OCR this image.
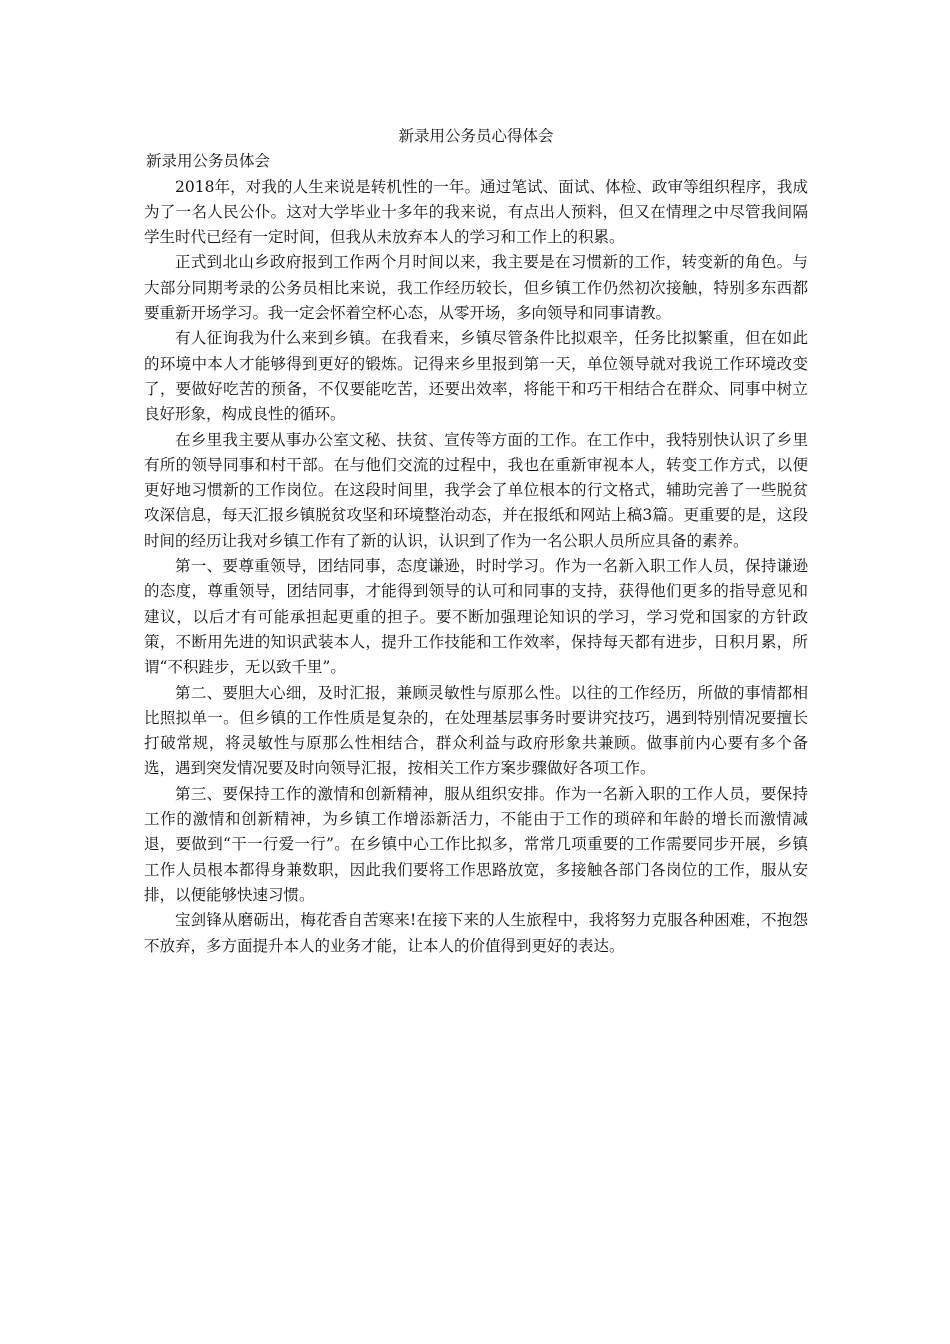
新录用公务员心得体会
新录用公务员体会

2018年，对我的人生来说是转机性的一年。通过笔试、面试、体检、政审等组织程序，我成为了一名人民公仆。这对大学毕业十多年的我来说，有点出人预料，但又在情理之中尽管我间隔学生时代已经有一定时间，但我从未放弃本人的学习和工作上的积累。

正式到北山乡政府报到工作两个月时间以来，我主要是在习惯新的工作，转变新的角色。与大部分同期考录的公务员相比来说，我工作经历较长，但乡镇工作仍然初次接触，特别多东西都要重新开场学习。我一定会怀着空杯心态，从零开场，多向领导和同事请教。

有人征询我为什么来到乡镇。在我看来，乡镇尽管条件比拟艰辛，任务比拟繁重，但在如此的环境中本人才能够得到更好的锻炼。记得来乡里报到第一天，单位领导就对我说工作环境改变了，要做好吃苦的预备，不仅要能吃苦，还要出效率，将能干和巧干相结合在群众、同事中树立良好形象，构成良性的循环。

在乡里我主要从事办公室文秘、扶贫、宣传等方面的工作。在工作中，我特别快认识了乡里有所的领导同事和村干部。在与他们交流的过程中，我也在重新审视本人，转变工作方式，以便更好地习惯新的工作岗位。在这段时间里，我学会了单位根本的行文格式，辅助完善了一些脱贫攻深信息，每天汇报乡镇脱贫攻坚和环境整治动态，并在报纸和网站上稿3篇。更重要的是，这段时间的经历让我对乡镇工作有了新的认识，认识到了作为一名公职人员所应具备的素养。

第一、要尊重领导，团结同事，态度谦逊，时时学习。作为一名新入职工作人员，保持谦逊的态度，尊重领导，团结同事，才能得到领导的认可和同事的支持，获得他们更多的指导意见和建议，以后才有可能承担起更重的担子。要不断加强理论知识的学习，学习党和国家的方针政策，不断用先进的知识武装本人，提升工作技能和工作效率，保持每天都有进步，日积月累，所谓“不积跬步，无以致千里”。

第二、要胆大心细，及时汇报，兼顾灵敏性与原那么性。以往的工作经历，所做的事情都相比照拟单一。但乡镇的工作性质是复杂的，在处理基层事务时要讲究技巧，遇到特别情况要擅长打破常规，将灵敏性与原那么性相结合，群众利益与政府形象共兼顾。做事前内心要有多个备选，遇到突发情况要及时向领导汇报，按相关工作方案步骤做好各项工作。

第三、要保持工作的激情和创新精神，服从组织安排。作为一名新入职的工作人员，要保持工作的激情和创新精神，为乡镇工作增添新活力，不能由于工作的琐碎和年龄的增长而激情减退，要做到“干一行爱一行”。在乡镇中心工作比拟多，常常几项重要的工作需要同步开展，乡镇工作人员根本都得身兼数职，因此我们要将工作思路放宽，多接触各部门各岗位的工作，服从安排，以便能够快速习惯。

宝剑锋从磨砺出，梅花香自苦寒来!在接下来的人生旅程中，我将努力克服各种困难，不抱怨不放弃，多方面提升本人的业务才能，让本人的价值得到更好的表达。
